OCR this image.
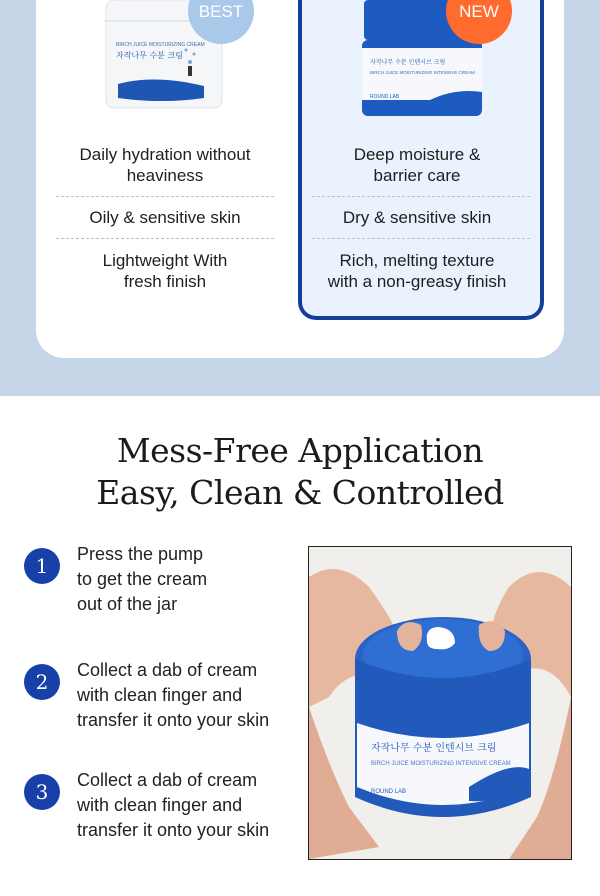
BIRCH JUICE MOISTURIZING CREAM
자작나무 수분 크림
BEST
Daily hydration without
heaviness
Oily & sensitive skin
Lightweight With
fresh finish
자작나무 수분 인텐시브 크림
BIRCH JUICE MOISTURIZING INTENSIVE CREAM
ROUND LAB
NEW
Deep moisture &
barrier care
Dry & sensitive skin
Rich, melting texture
with a non-greasy finish
Mess-Free Application
Easy, Clean & Controlled
1	Press the pump
to get the cream
out of the jar
2	Collect a dab of cream
with clean finger and
transfer it onto your skin
3	Collect a dab of cream
with clean finger and
transfer it onto your skin
자작나무 수분 인텐시브 크림
BIRCH JUICE MOISTURIZING INTENSIVE CREAM
ROUND LAB
